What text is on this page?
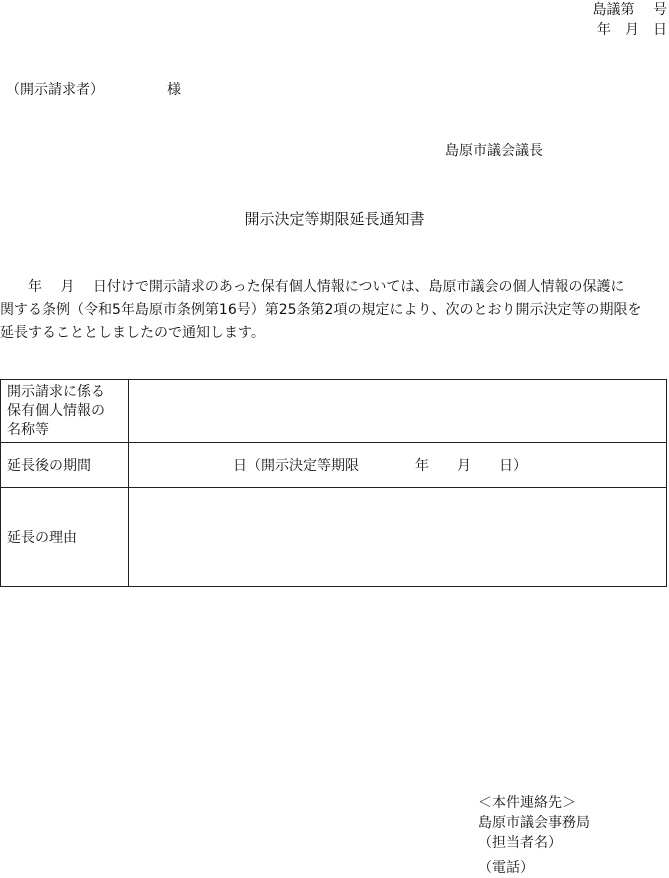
島議第　 号
年　月　日
（開示請求者）　　　　　様
島原市議会議長
開示決定等期限延長通知書
　　年　 月　 日付けで開示請求のあった保有個人情報については、島原市議会の個人情報の保護に
関する条例（令和5年島原市条例第16号）第25条第2項の規定により、次のとおり開示決定等の期限を
延長することとしましたので通知します。
開示請求に係る
保有個人情報の
名称等	
延長後の期間	　　　　　　　日（開示決定等期限　　　　年　　月　　日）
延長の理由	
＜本件連絡先＞
島原市議会事務局
（担当者名）
（電話）
